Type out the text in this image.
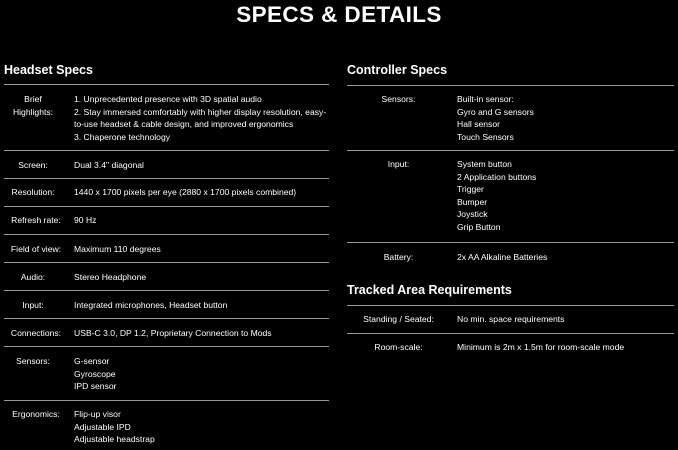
SPECS & DETAILS
Headset Specs
Brief
Highlights:
1. Unprecedented presence with 3D spatial audio
2. Stay immersed comfortably with higher display resolution, easy-
to-use headset & cable design, and improved ergonomics
3. Chaperone technology
Screen:	Dual 3.4" diagonal
Resolution:	1440 x 1700 pixels per eye (2880 x 1700 pixels combined)
Refresh rate:	90 Hz
Field of view:	Maximum 110 degrees
Audio:	Stereo Headphone
Input:	Integrated microphones, Headset button
Connections:	USB-C 3.0, DP 1.2, Proprietary Connection to Mods
Sensors:	G-sensor
Gyroscope
IPD sensor
Ergonomics:	Flip-up visor
Adjustable IPD
Adjustable headstrap
Controller Specs
Sensors:	Built-in sensor:
Gyro and G sensors
Hall sensor
Touch Sensors
Input:	System button
2 Application buttons
Trigger
Bumper
Joystick
Grip Button
Battery:	2x AA Alkaline Batteries
Tracked Area Requirements
Standing / Seated:	No min. space requirements
Room-scale:	Minimum is 2m x 1.5m for room-scale mode
